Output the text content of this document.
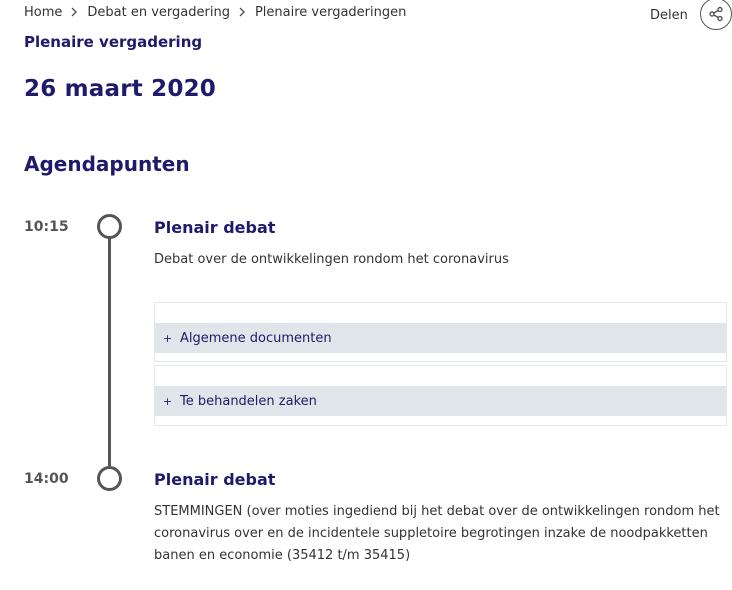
Home Debat en vergadering Plenaire vergaderingen	Delen
Plenaire vergadering
26 maart 2020
Agendapunten
10:15	Plenair debat
Debat over de ontwikkelingen rondom het coronavirus
+ Algemene documenten
+ Te behandelen zaken
14:00	Plenair debat
STEMMINGEN (over moties ingediend bij het debat over de ontwikkelingen rondom het coronavirus over en de incidentele suppletoire begrotingen inzake de noodpakketten banen en economie (35412 t/m 35415)
